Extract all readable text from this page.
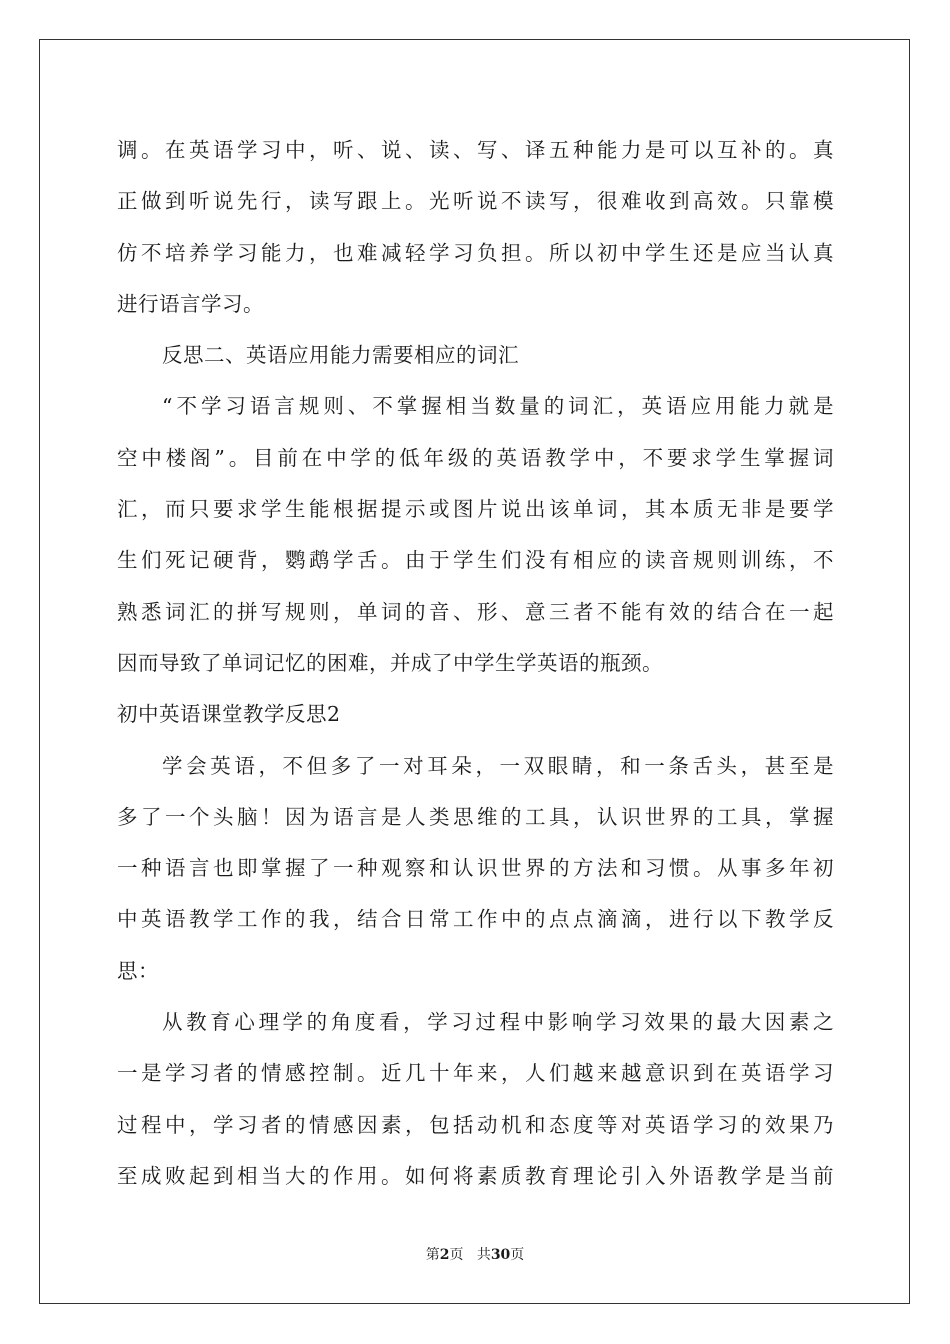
调。在英语学习中，听、说、读、写、译五种能力是可以互补的。真
正做到听说先行，读写跟上。光听说不读写，很难收到高效。只靠模
仿不培养学习能力，也难减轻学习负担。所以初中学生还是应当认真
进行语言学习。
反思二、英语应用能力需要相应的词汇
“不学习语言规则、不掌握相当数量的词汇，英语应用能力就是
空中楼阁”。目前在中学的低年级的英语教学中，不要求学生掌握词
汇，而只要求学生能根据提示或图片说出该单词，其本质无非是要学
生们死记硬背，鹦鹉学舌。由于学生们没有相应的读音规则训练，不
熟悉词汇的拼写规则，单词的音、形、意三者不能有效的结合在一起
因而导致了单词记忆的困难，并成了中学生学英语的瓶颈。
初中英语课堂教学反思2
学会英语，不但多了一对耳朵，一双眼睛，和一条舌头，甚至是
多了一个头脑！因为语言是人类思维的工具，认识世界的工具，掌握
一种语言也即掌握了一种观察和认识世界的方法和习惯。从事多年初
中英语教学工作的我，结合日常工作中的点点滴滴，进行以下教学反
思：
从教育心理学的角度看，学习过程中影响学习效果的最大因素之
一是学习者的情感控制。近几十年来，人们越来越意识到在英语学习
过程中，学习者的情感因素，包括动机和态度等对英语学习的效果乃
至成败起到相当大的作用。如何将素质教育理论引入外语教学是当前
第2页 共30页
